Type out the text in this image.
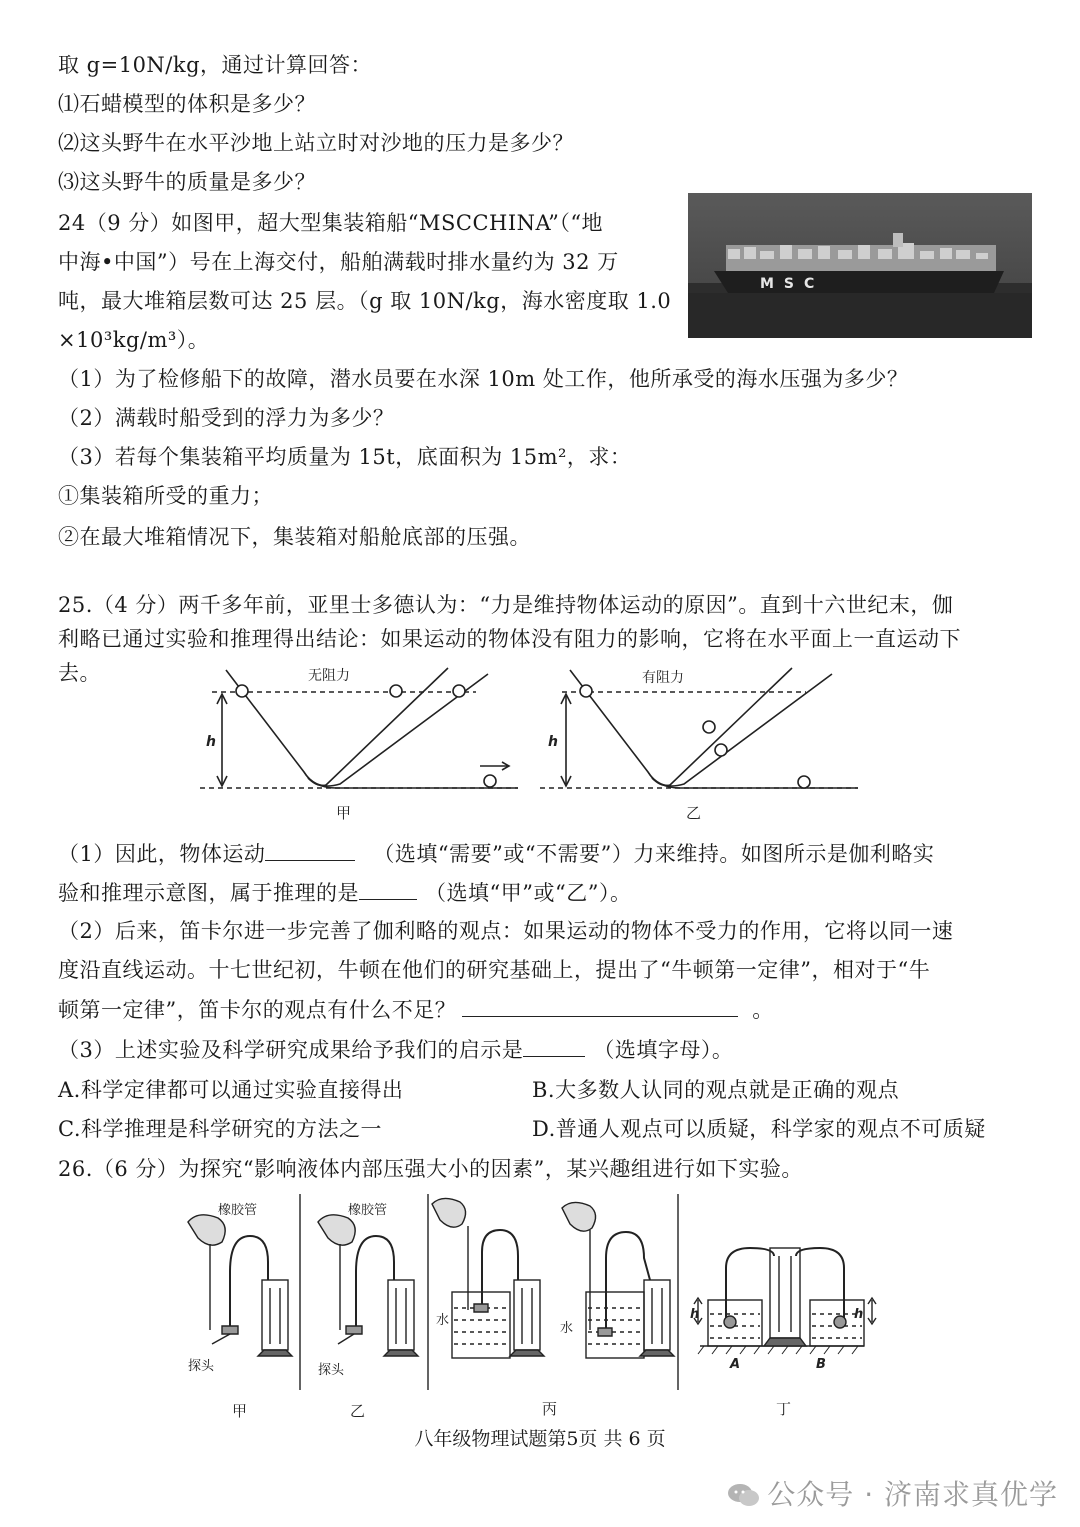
取 g=10N/kg，通过计算回答：
⑴石蜡模型的体积是多少？
⑵这头野牛在水平沙地上站立时对沙地的压力是多少？
⑶这头野牛的质量是多少？
24（9 分）如图甲，超大型集装箱船“MSCCHINA”（“地
中海•中国”）号在上海交付，船舶满载时排水量约为 32 万
吨，最大堆箱层数可达 25 层。（g 取 10N/kg，海水密度取 1.0
×10³kg/m³）。
MSC
（1）为了检修船下的故障，潜水员要在水深 10m 处工作，他所承受的海水压强为多少？
（2）满载时船受到的浮力为多少？
（3）若每个集装箱平均质量为 15t，底面积为 15m²，求：
①集装箱所受的重力；
②在最大堆箱情况下，集装箱对船舱底部的压强。
25.（4 分）两千多年前，亚里士多德认为：“力是维持物体运动的原因”。直到十六世纪末，伽
利略已通过实验和推理得出结论：如果运动的物体没有阻力的影响，它将在水平面上一直运动下
去。	无阻力	有阻力
h	h
甲	乙
（1）因此，物体运动	（选填“需要”或“不需要”）力来维持。如图所示是伽利略实
验和推理示意图，属于推理的是	（选填“甲”或“乙”）。
（2）后来，笛卡尔进一步完善了伽利略的观点：如果运动的物体不受力的作用，它将以同一速
度沿直线运动。十七世纪初，牛顿在他们的研究基础上，提出了“牛顿第一定律”，相对于“牛
顿第一定律”，笛卡尔的观点有什么不足？	。
（3）上述实验及科学研究成果给予我们的启示是	（选填字母）。
A.科学定律都可以通过实验直接得出	B.大多数人认同的观点就是正确的观点
C.科学推理是科学研究的方法之一	D.普通人观点可以质疑，科学家的观点不可质疑
26.（6 分）为探究“影响液体内部压强大小的因素”，某兴趣组进行如下实验。
橡胶管	橡胶管
探头	探头
水
水
h	h
A	B
甲	乙	丙	丁
八年级物理试题第5页 共 6 页
公众号 · 济南求真优学
